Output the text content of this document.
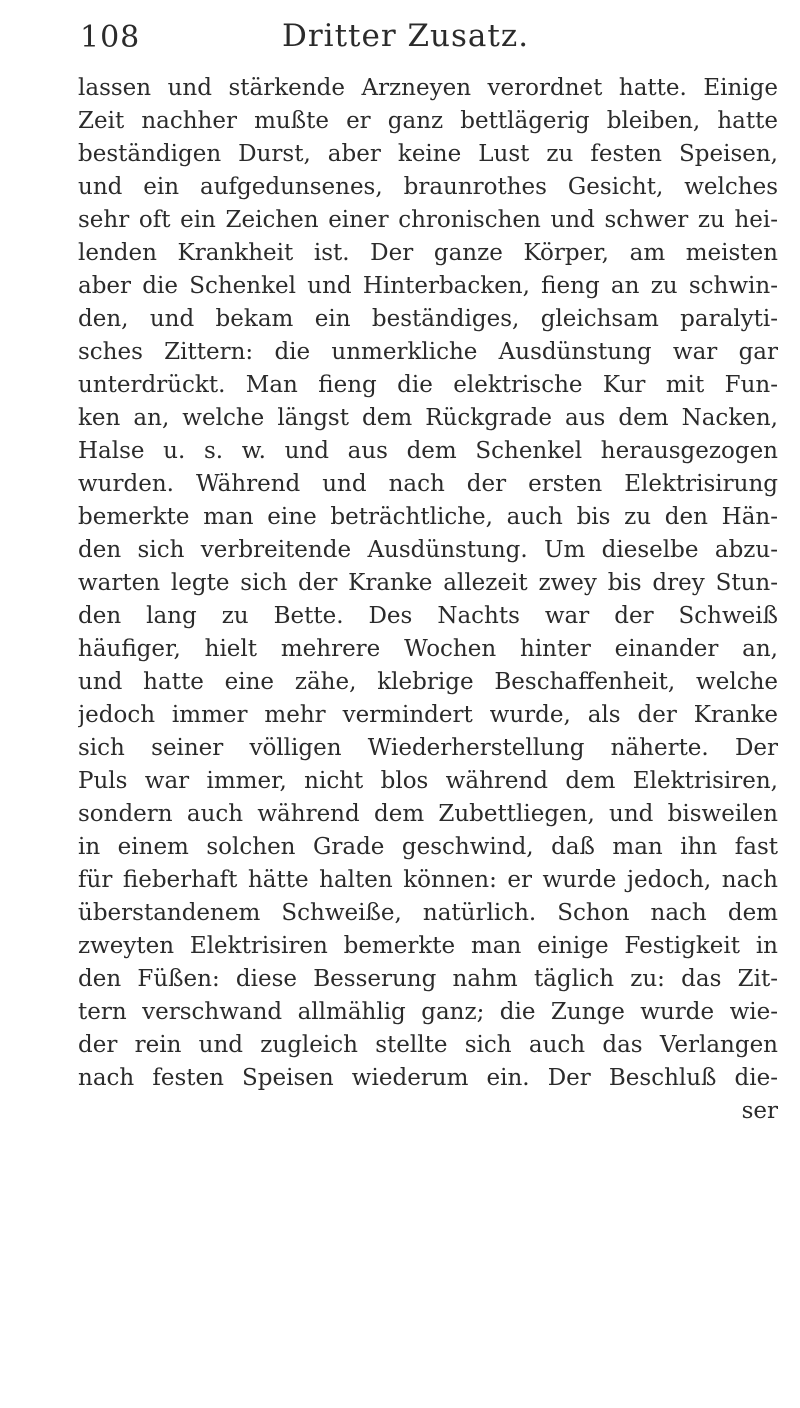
108	Dritter Zusatz.
lassen und stärkende Arzneyen verordnet hatte. Einige
Zeit nachher mußte er ganz bettlägerig bleiben, hatte
beständigen Durst, aber keine Lust zu festen Speisen,
und ein aufgedunsenes, braunrothes Gesicht, welches
sehr oft ein Zeichen einer chronischen und schwer zu hei-
lenden Krankheit ist. Der ganze Körper, am meisten
aber die Schenkel und Hinterbacken, fieng an zu schwin-
den, und bekam ein beständiges, gleichsam paralyti-
sches Zittern: die unmerkliche Ausdünstung war gar
unterdrückt. Man fieng die elektrische Kur mit Fun-
ken an, welche längst dem Rückgrade aus dem Nacken,
Halse u. s. w. und aus dem Schenkel herausgezogen
wurden. Während und nach der ersten Elektrisirung
bemerkte man eine beträchtliche, auch bis zu den Hän-
den sich verbreitende Ausdünstung. Um dieselbe abzu-
warten legte sich der Kranke allezeit zwey bis drey Stun-
den lang zu Bette. Des Nachts war der Schweiß
häufiger, hielt mehrere Wochen hinter einander an,
und hatte eine zähe, klebrige Beschaffenheit, welche
jedoch immer mehr vermindert wurde, als der Kranke
sich seiner völligen Wiederherstellung näherte. Der
Puls war immer, nicht blos während dem Elektrisiren,
sondern auch während dem Zubettliegen, und bisweilen
in einem solchen Grade geschwind, daß man ihn fast
für fieberhaft hätte halten können: er wurde jedoch, nach
überstandenem Schweiße, natürlich. Schon nach dem
zweyten Elektrisiren bemerkte man einige Festigkeit in
den Füßen: diese Besserung nahm täglich zu: das Zit-
tern verschwand allmählig ganz; die Zunge wurde wie-
der rein und zugleich stellte sich auch das Verlangen
nach festen Speisen wiederum ein. Der Beschluß die-
ser
